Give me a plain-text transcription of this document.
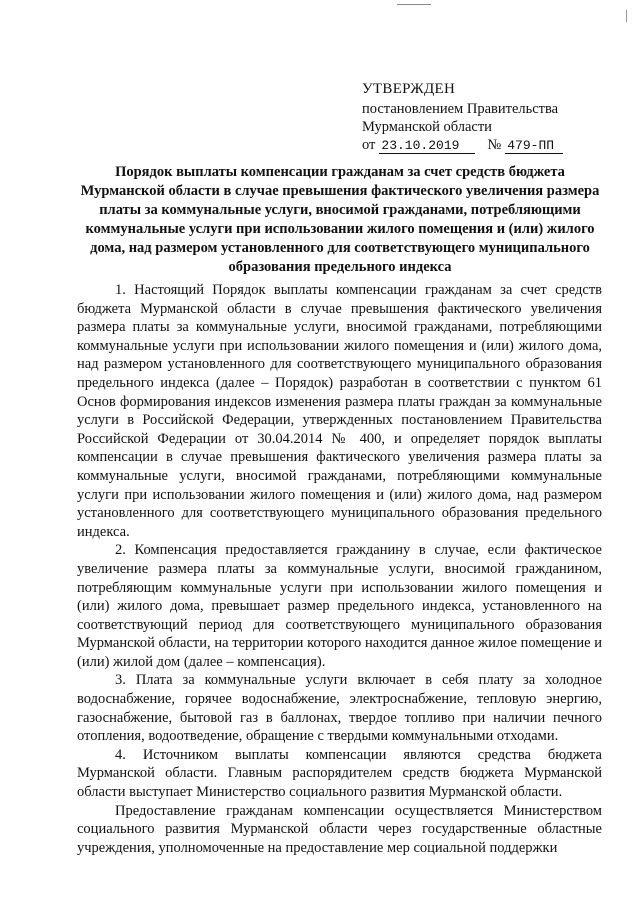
УТВЕРЖДЕН
постановлением Правительства
Мурманской области
от 23.10.2019 № 479-ПП
Порядок выплаты компенсации гражданам за счет средств бюджета Мурманской области в случае превышения фактического увеличения размера платы за коммунальные услуги, вносимой гражданами, потребляющими коммунальные услуги при использовании жилого помещения и (или) жилого дома, над размером установленного для соответствующего муниципального образования предельного индекса

1. Настоящий Порядок выплаты компенсации гражданам за счет средств бюджета Мурманской области в случае превышения фактического увеличения размера платы за коммунальные услуги, вносимой гражданами, потребляющими коммунальные услуги при использовании жилого помещения и (или) жилого дома, над размером установленного для соответствующего муниципального образования предельного индекса (далее – Порядок) разработан в соответствии с пунктом 61 Основ формирования индексов изменения размера платы граждан за коммунальные услуги в Российской Федерации, утвержденных постановлением Правительства Российской Федерации от 30.04.2014 № 400, и определяет порядок выплаты компенсации в случае превышения фактического увеличения размера платы за коммунальные услуги, вносимой гражданами, потребляющими коммунальные услуги при использовании жилого помещения и (или) жилого дома, над размером установленного для соответствующего муниципального образования предельного индекса.

2. Компенсация предоставляется гражданину в случае, если фактическое увеличение размера платы за коммунальные услуги, вносимой гражданином, потребляющим коммунальные услуги при использовании жилого помещения и (или) жилого дома, превышает размер предельного индекса, установленного на соответствующий период для соответствующего муниципального образования Мурманской области, на территории которого находится данное жилое помещение и (или) жилой дом (далее – компенсация).

3. Плата за коммунальные услуги включает в себя плату за холодное водоснабжение, горячее водоснабжение, электроснабжение, тепловую энергию, газоснабжение, бытовой газ в баллонах, твердое топливо при наличии печного отопления, водоотведение, обращение с твердыми коммунальными отходами.

4. Источником выплаты компенсации являются средства бюджета Мурманской области. Главным распорядителем средств бюджета Мурманской области выступает Министерство социального развития Мурманской области.

Предоставление гражданам компенсации осуществляется Министерством социального развития Мурманской области через государственные областные учреждения, уполномоченные на предоставление мер социальной поддержки
